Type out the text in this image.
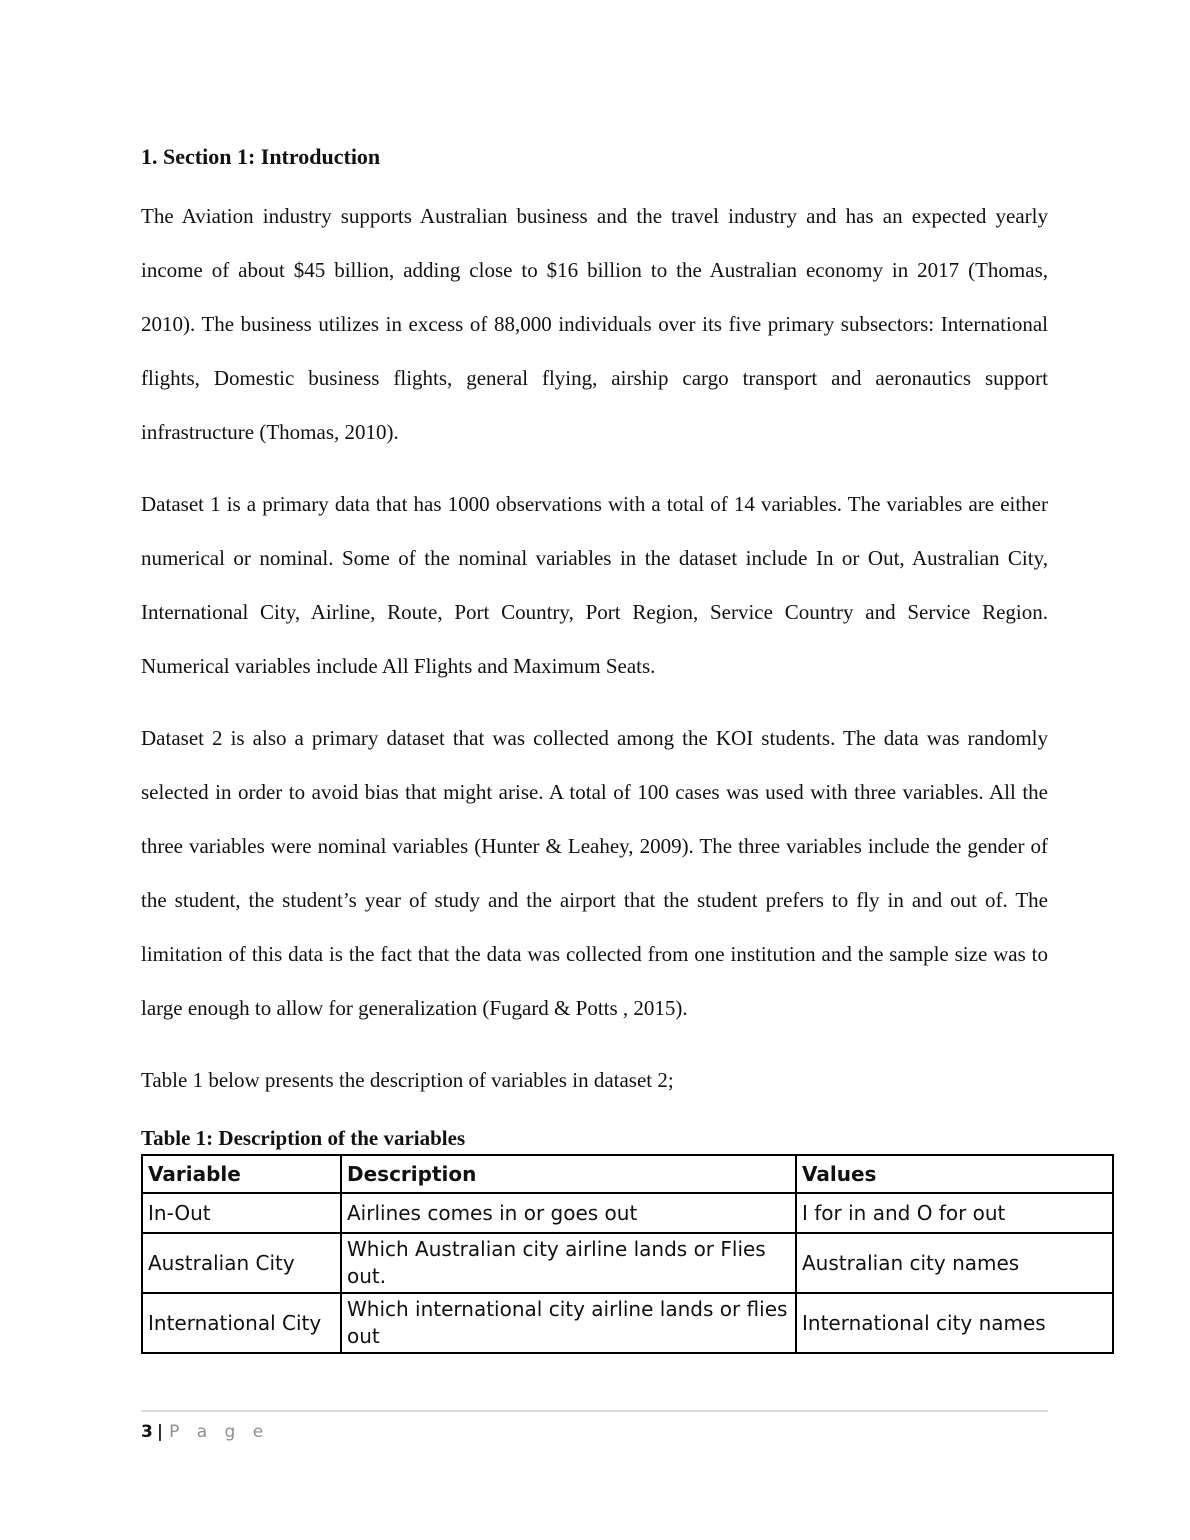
1. Section 1: Introduction

The Aviation industry supports Australian business and the travel industry and has an expected yearly income of about $45 billion, adding close to $16 billion to the Australian economy in 2017 (Thomas, 2010). The business utilizes in excess of 88,000 individuals over its five primary subsectors: International flights, Domestic business flights, general flying, airship cargo transport and aeronautics support infrastructure (Thomas, 2010).

Dataset 1 is a primary data that has 1000 observations with a total of 14 variables. The variables are either numerical or nominal. Some of the nominal variables in the dataset include In or Out, Australian City, International City, Airline, Route, Port Country, Port Region, Service Country and Service Region. Numerical variables include All Flights and Maximum Seats.

Dataset 2 is also a primary dataset that was collected among the KOI students. The data was randomly selected in order to avoid bias that might arise. A total of 100 cases was used with three variables. All the three variables were nominal variables (Hunter & Leahey, 2009). The three variables include the gender of the student, the student’s year of study and the airport that the student prefers to fly in and out of. The limitation of this data is the fact that the data was collected from one institution and the sample size was to large enough to allow for generalization (Fugard & Potts , 2015).

Table 1 below presents the description of variables in dataset 2;

Table 1: Description of the variables
Variable	Description	Values
In-Out	Airlines comes in or goes out	I for in and O for out
Australian City	Which Australian city airline lands or Flies out.	Australian city names
International City	Which international city airline lands or flies out	International city names
3 | P a g e
